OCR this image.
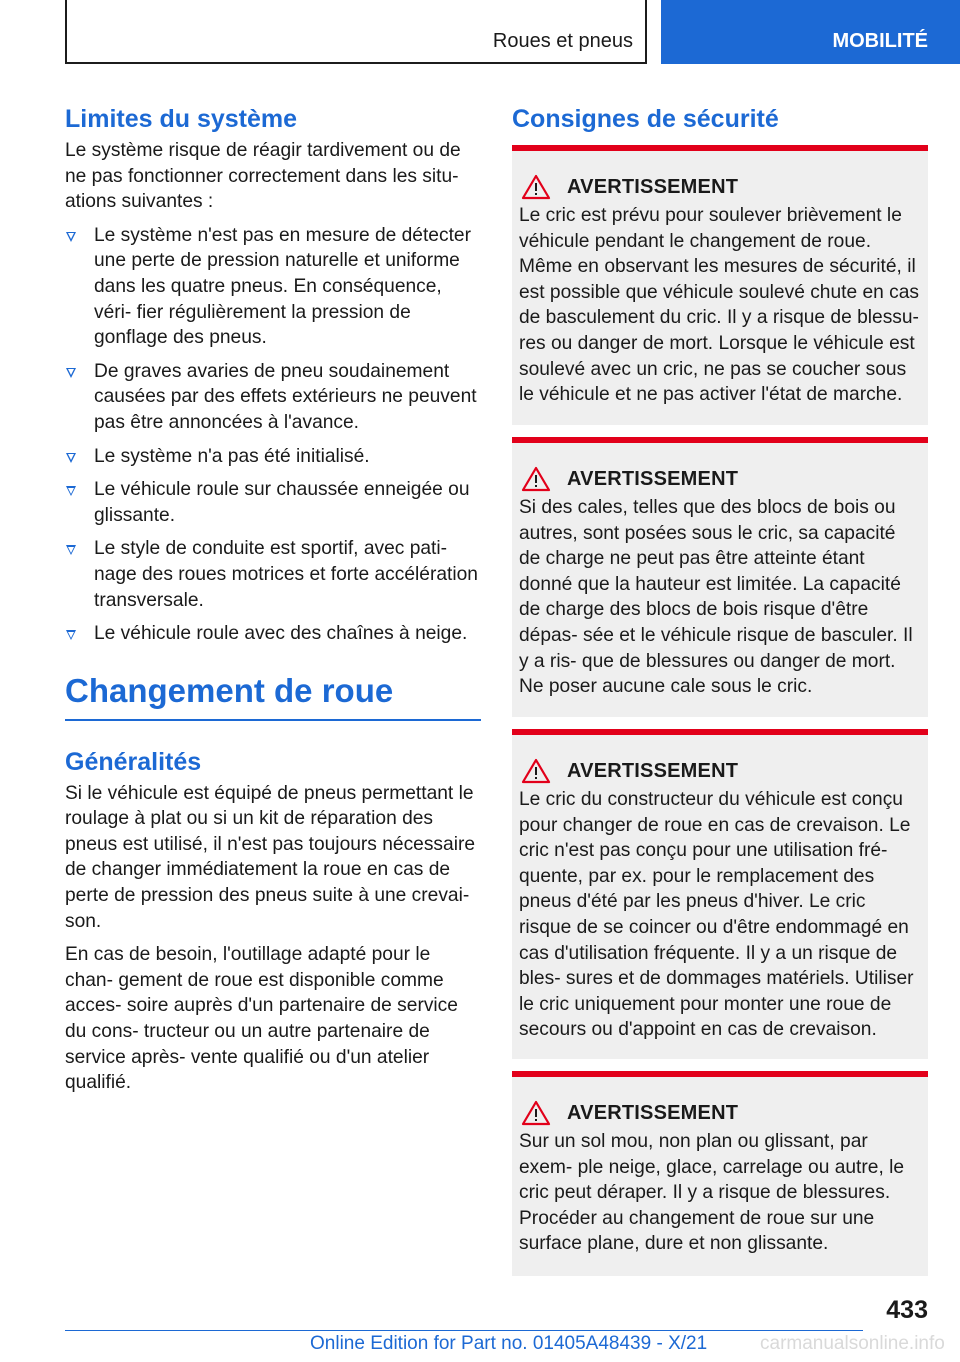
Roues et pneus	MOBILITÉ
Limites du système

Le système risque de réagir tardivement ou de ne pas fonctionner correctement dans les situ- ations suivantes :

Le système n'est pas en mesure de détecter une perte de pression naturelle et uniforme dans les quatre pneus. En conséquence, véri- fier régulièrement la pression de gonflage des pneus.
De graves avaries de pneu soudainement causées par des effets extérieurs ne peuvent pas être annoncées à l'avance.
Le système n'a pas été initialisé.
Le véhicule roule sur chaussée enneigée ou glissante.
Le style de conduite est sportif, avec pati- nage des roues motrices et forte accélération transversale.
Le véhicule roule avec des chaînes à neige.
Changement de roue
Généralités

Si le véhicule est équipé de pneus permettant le roulage à plat ou si un kit de réparation des pneus est utilisé, il n'est pas toujours nécessaire de changer immédiatement la roue en cas de perte de pression des pneus suite à une crevai- son.

En cas de besoin, l'outillage adapté pour le chan- gement de roue est disponible comme acces- soire auprès d'un partenaire de service du cons- tructeur ou un autre partenaire de service après- vente qualifié ou d'un atelier qualifié.

Consignes de sécurité
AVERTISSEMENT

Le cric est prévu pour soulever brièvement le véhicule pendant le changement de roue. Même en observant les mesures de sécurité, il est possible que véhicule soulevé chute en cas de basculement du cric. Il y a risque de blessu- res ou danger de mort. Lorsque le véhicule est soulevé avec un cric, ne pas se coucher sous le véhicule et ne pas activer l'état de marche.

AVERTISSEMENT

Si des cales, telles que des blocs de bois ou autres, sont posées sous le cric, sa capacité de charge ne peut pas être atteinte étant donné que la hauteur est limitée. La capacité de charge des blocs de bois risque d'être dépas- sée et le véhicule risque de basculer. Il y a ris- que de blessures ou danger de mort. Ne poser aucune cale sous le cric.

AVERTISSEMENT

Le cric du constructeur du véhicule est conçu pour changer de roue en cas de crevaison. Le cric n'est pas conçu pour une utilisation fré- quente, par ex. pour le remplacement des pneus d'été par les pneus d'hiver. Le cric risque de se coincer ou d'être endommagé en cas d'utilisation fréquente. Il y a un risque de bles- sures et de dommages matériels. Utiliser le cric uniquement pour monter une roue de secours ou d'appoint en cas de crevaison.

AVERTISSEMENT

Sur un sol mou, non plan ou glissant, par exem- ple neige, glace, carrelage ou autre, le cric peut déraper. Il y a risque de blessures. Procéder au changement de roue sur une surface plane, dure et non glissante.

433
Online Edition for Part no. 01405A48439 - X/21	carmanualsonline.info
